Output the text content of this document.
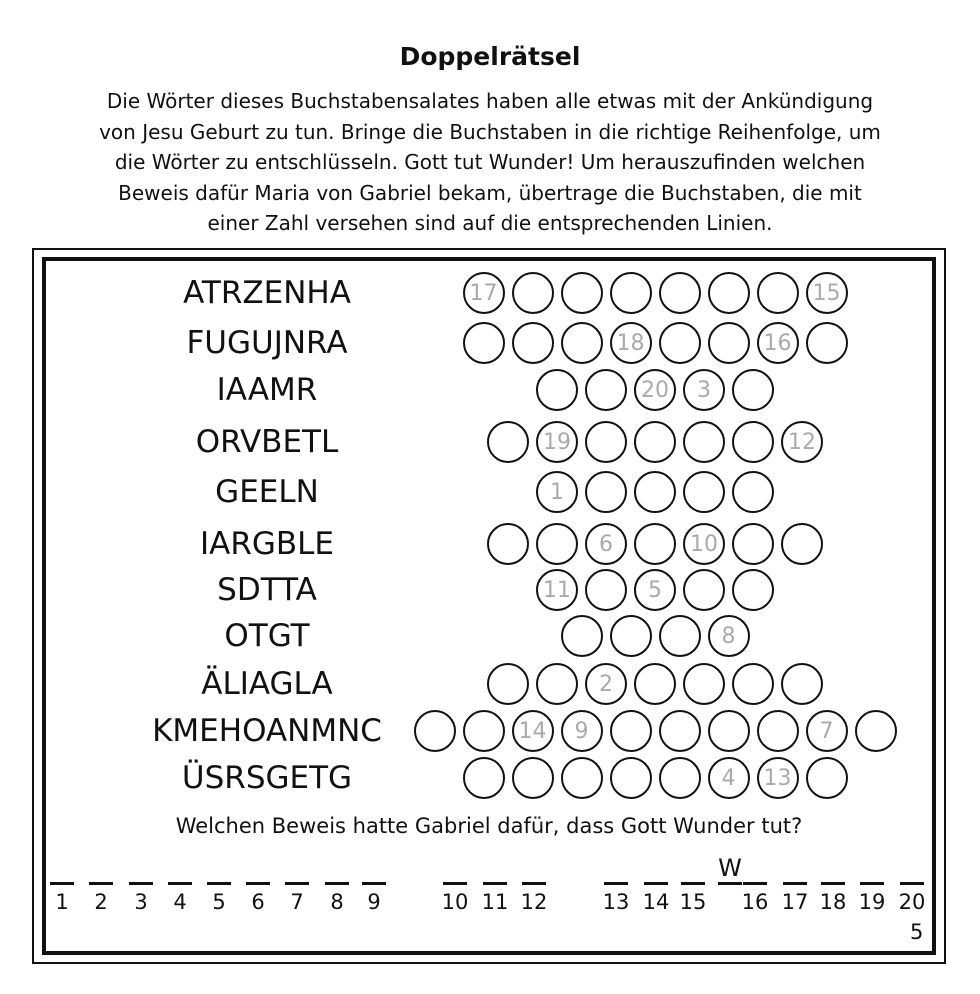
Doppelrätsel
Die Wörter dieses Buchstabensalates haben alle etwas mit der Ankündigung
von Jesu Geburt zu tun. Bringe die Buchstaben in die richtige Reihenfolge, um
die Wörter zu entschlüsseln. Gott tut Wunder! Um herauszufinden welchen
Beweis dafür Maria von Gabriel bekam, übertrage die Buchstaben, die mit
einer Zahl versehen sind auf die entsprechenden Linien.
ATRZENHA	17	15
FUGUJNRA	18	16
IAAMR	20	3
ORVBETL	19	12
GEELN	1
IARGBLE	6	10
SDTTA	11	5
OTGT	8
ÄLIAGLA	2
KMEHOANMNC	14	9	7
ÜSRSGETG	4	13
Welchen Beweis hatte Gabriel dafür, dass Gott Wunder tut?
1	2	3	4	5	6	7	8	9	10 11 12	13 14 15
W
16 17 18 19 20
5
